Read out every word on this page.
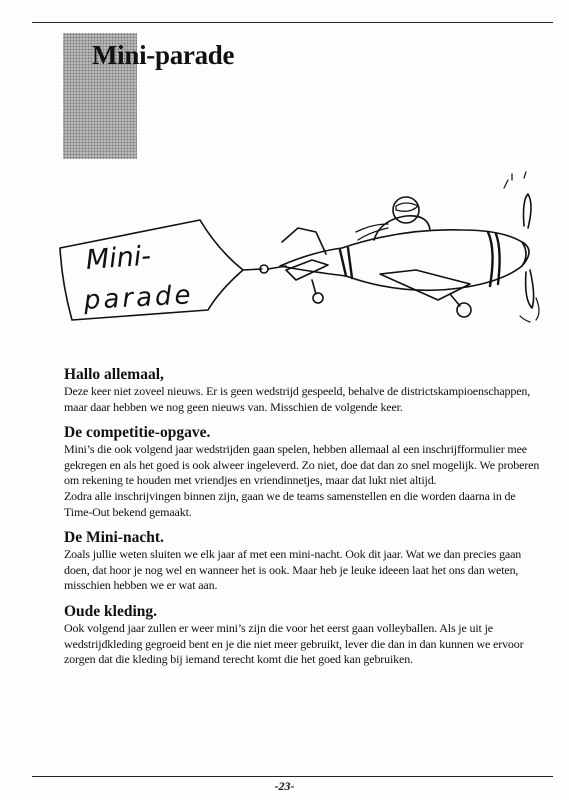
Mini-parade
Mini-
parade
Hallo allemaal,

Deze keer niet zoveel nieuws. Er is geen wedstrijd gespeeld, behalve de districtskampioenschappen, maar daar hebben we nog geen nieuws van. Misschien de volgende keer.

De competitie-opgave.

Mini’s die ook volgend jaar wedstrijden gaan spelen, hebben allemaal al een inschrijfformulier mee gekregen en als het goed is ook alweer ingeleverd. Zo niet, doe dat dan zo snel mogelijk. We proberen om rekening te houden met vriendjes en vriendinnetjes, maar dat lukt niet altijd.

Zodra alle inschrijvingen binnen zijn, gaan we de teams samenstellen en die worden daarna in de Time-Out bekend gemaakt.

De Mini-nacht.

Zoals jullie weten sluiten we elk jaar af met een mini-nacht. Ook dit jaar. Wat we dan precies gaan doen, dat hoor je nog wel en wanneer het is ook. Maar heb je leuke ideeen laat het ons dan weten, misschien hebben we er wat aan.

Oude kleding.

Ook volgend jaar zullen er weer mini’s zijn die voor het eerst gaan volleyballen. Als je uit je wedstrijdkleding gegroeid bent en je die niet meer gebruikt, lever die dan in dan kunnen we ervoor zorgen dat die kleding bij iemand terecht komt die het goed kan gebruiken.

-23-
